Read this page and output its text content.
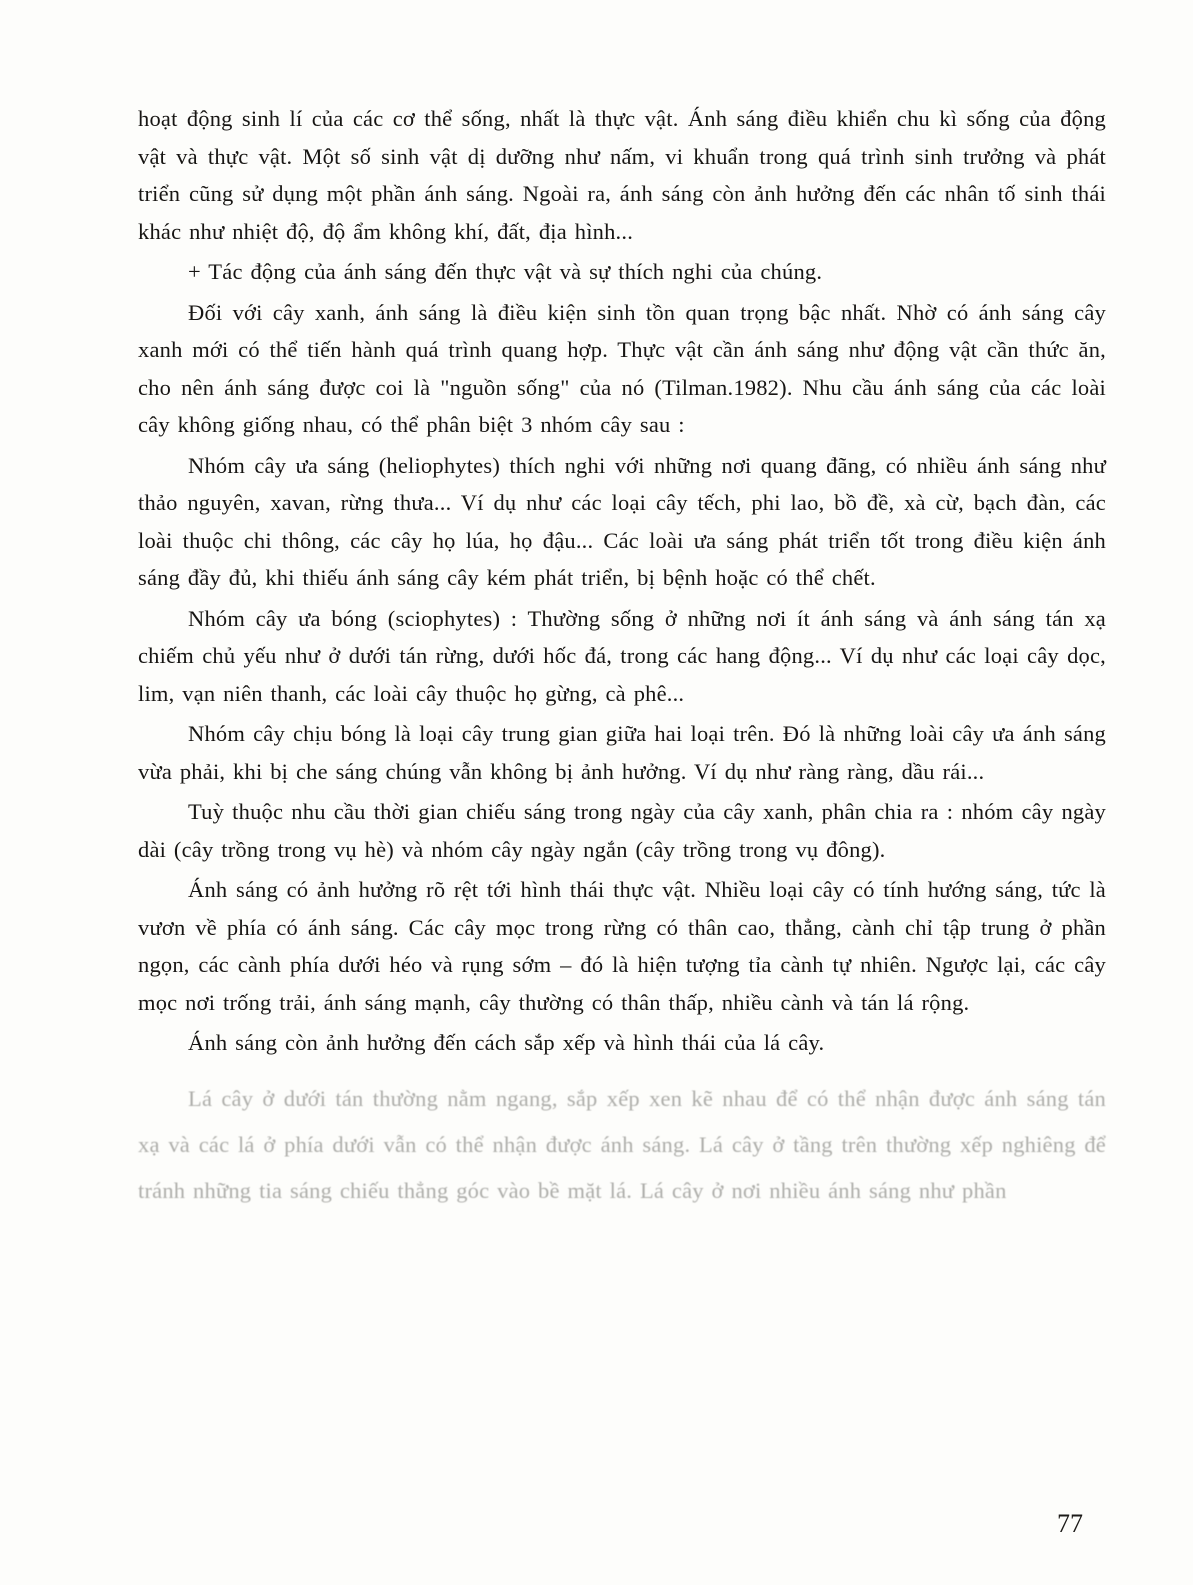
hoạt động sinh lí của các cơ thể sống, nhất là thực vật. Ánh sáng điều khiển chu kì sống của động vật và thực vật. Một số sinh vật dị dưỡng như nấm, vi khuẩn trong quá trình sinh trưởng và phát triển cũng sử dụng một phần ánh sáng. Ngoài ra, ánh sáng còn ảnh hưởng đến các nhân tố sinh thái khác như nhiệt độ, độ ẩm không khí, đất, địa hình...

+ Tác động của ánh sáng đến thực vật và sự thích nghi của chúng.

Đối với cây xanh, ánh sáng là điều kiện sinh tồn quan trọng bậc nhất. Nhờ có ánh sáng cây xanh mới có thể tiến hành quá trình quang hợp. Thực vật cần ánh sáng như động vật cần thức ăn, cho nên ánh sáng được coi là "nguồn sống" của nó (Tilman.1982). Nhu cầu ánh sáng của các loài cây không giống nhau, có thể phân biệt 3 nhóm cây sau :

Nhóm cây ưa sáng (heliophytes) thích nghi với những nơi quang đãng, có nhiều ánh sáng như thảo nguyên, xavan, rừng thưa... Ví dụ như các loại cây tếch, phi lao, bồ đề, xà cừ, bạch đàn, các loài thuộc chi thông, các cây họ lúa, họ đậu... Các loài ưa sáng phát triển tốt trong điều kiện ánh sáng đầy đủ, khi thiếu ánh sáng cây kém phát triển, bị bệnh hoặc có thể chết.

Nhóm cây ưa bóng (sciophytes) : Thường sống ở những nơi ít ánh sáng và ánh sáng tán xạ chiếm chủ yếu như ở dưới tán rừng, dưới hốc đá, trong các hang động... Ví dụ như các loại cây dọc, lim, vạn niên thanh, các loài cây thuộc họ gừng, cà phê...

Nhóm cây chịu bóng là loại cây trung gian giữa hai loại trên. Đó là những loài cây ưa ánh sáng vừa phải, khi bị che sáng chúng vẫn không bị ảnh hưởng. Ví dụ như ràng ràng, dầu rái...

Tuỳ thuộc nhu cầu thời gian chiếu sáng trong ngày của cây xanh, phân chia ra : nhóm cây ngày dài (cây trồng trong vụ hè) và nhóm cây ngày ngắn (cây trồng trong vụ đông).

Ánh sáng có ảnh hưởng rõ rệt tới hình thái thực vật. Nhiều loại cây có tính hướng sáng, tức là vươn về phía có ánh sáng. Các cây mọc trong rừng có thân cao, thẳng, cành chỉ tập trung ở phần ngọn, các cành phía dưới héo và rụng sớm – đó là hiện tượng tỉa cành tự nhiên. Ngược lại, các cây mọc nơi trống trải, ánh sáng mạnh, cây thường có thân thấp, nhiều cành và tán lá rộng.

Ánh sáng còn ảnh hưởng đến cách sắp xếp và hình thái của lá cây.

Lá cây ở dưới tán thường nằm ngang, sắp xếp xen kẽ nhau để có thể nhận được ánh sáng tán xạ và các lá ở phía dưới vẫn có thể nhận được ánh sáng. Lá cây ở tầng trên thường xếp nghiêng để tránh những tia sáng chiếu thẳng góc vào bề mặt lá. Lá cây ở nơi nhiều ánh sáng như phần

77
